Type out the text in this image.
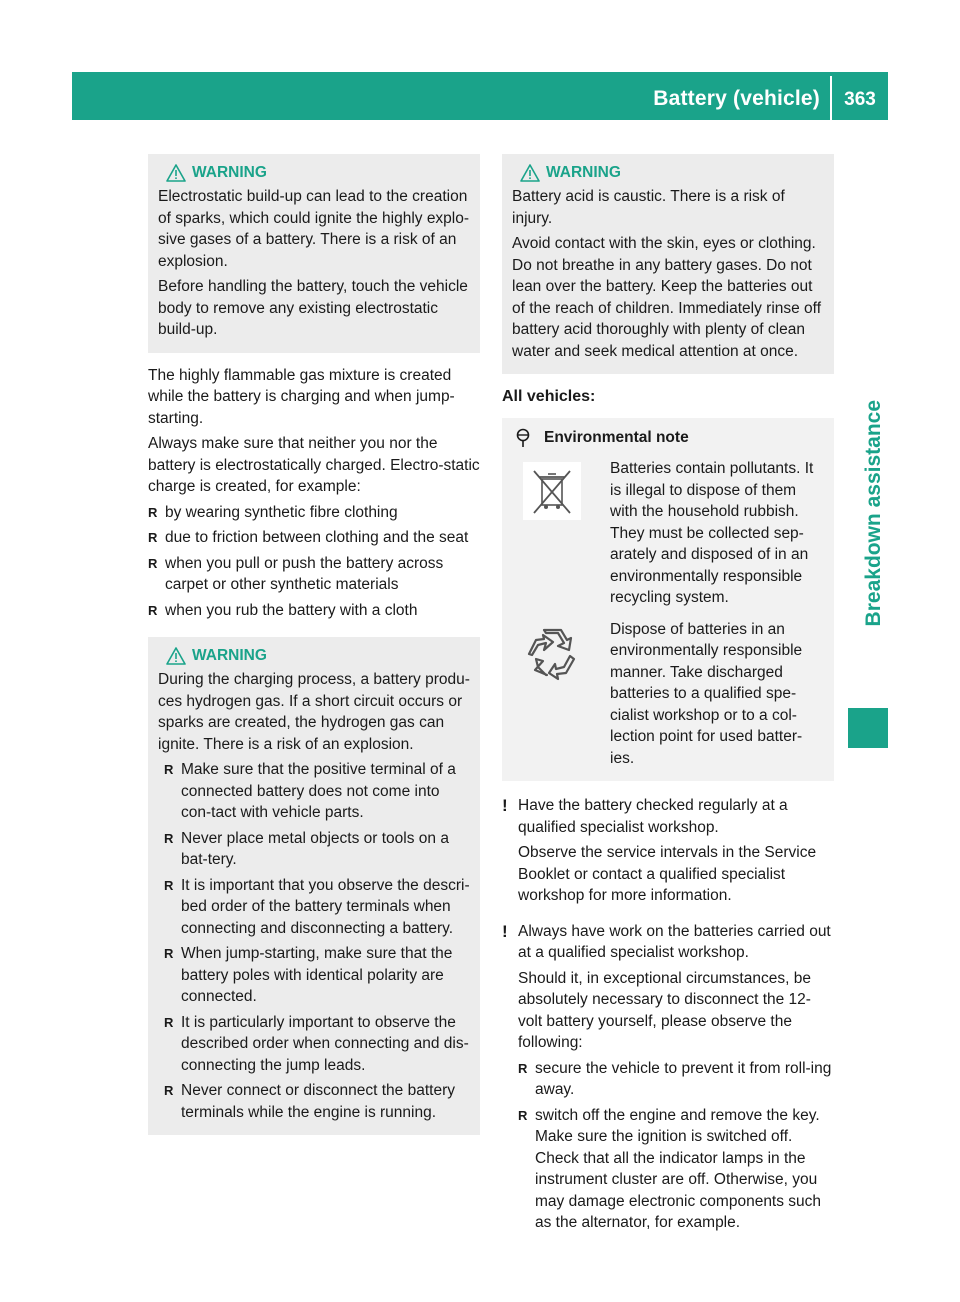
Battery (vehicle)	363
Breakdown assistance
WARNING

Electrostatic build-up can lead to the creation of sparks, which could ignite the highly explo-sive gases of a battery. There is a risk of an explosion.

Before handling the battery, touch the vehicle body to remove any existing electrostatic build-up.

The highly flammable gas mixture is created while the battery is charging and when jump-starting.

Always make sure that neither you nor the battery is electrostatically charged. Electro-static charge is created, for example:

R by wearing synthetic fibre clothing
R due to friction between clothing and the seat
R when you pull or push the battery across carpet or other synthetic materials
R when you rub the battery with a cloth
WARNING

During the charging process, a battery produ-ces hydrogen gas. If a short circuit occurs or sparks are created, the hydrogen gas can ignite. There is a risk of an explosion.

R Make sure that the positive terminal of a connected battery does not come into con-tact with vehicle parts.
R Never place metal objects or tools on a bat-tery.
R It is important that you observe the descri-bed order of the battery terminals when connecting and disconnecting a battery.
R When jump-starting, make sure that the battery poles with identical polarity are connected.
R It is particularly important to observe the described order when connecting and dis-connecting the jump leads.
R Never connect or disconnect the battery terminals while the engine is running.
WARNING

Battery acid is caustic. There is a risk of injury.

Avoid contact with the skin, eyes or clothing. Do not breathe in any battery gases. Do not lean over the battery. Keep the batteries out of the reach of children. Immediately rinse off battery acid thoroughly with plenty of clean water and seek medical attention at once.

All vehicles:
Environmental note

Batteries contain pollutants. It is illegal to dispose of them with the household rubbish. They must be collected sep-arately and disposed of in an environmentally responsible recycling system.

Dispose of batteries in an environmentally responsible manner. Take discharged batteries to a qualified spe-cialist workshop or to a col-lection point for used batter-ies.

! Have the battery checked regularly at a qualified specialist workshop.

Observe the service intervals in the Service Booklet or contact a qualified specialist workshop for more information.

! Always have work on the batteries carried out at a qualified specialist workshop.

Should it, in exceptional circumstances, be absolutely necessary to disconnect the 12-volt battery yourself, please observe the following:

R secure the vehicle to prevent it from roll-ing away.
R switch off the engine and remove the key. Make sure the ignition is switched off. Check that all the indicator lamps in the instrument cluster are off. Otherwise, you may damage electronic components such as the alternator, for example.
